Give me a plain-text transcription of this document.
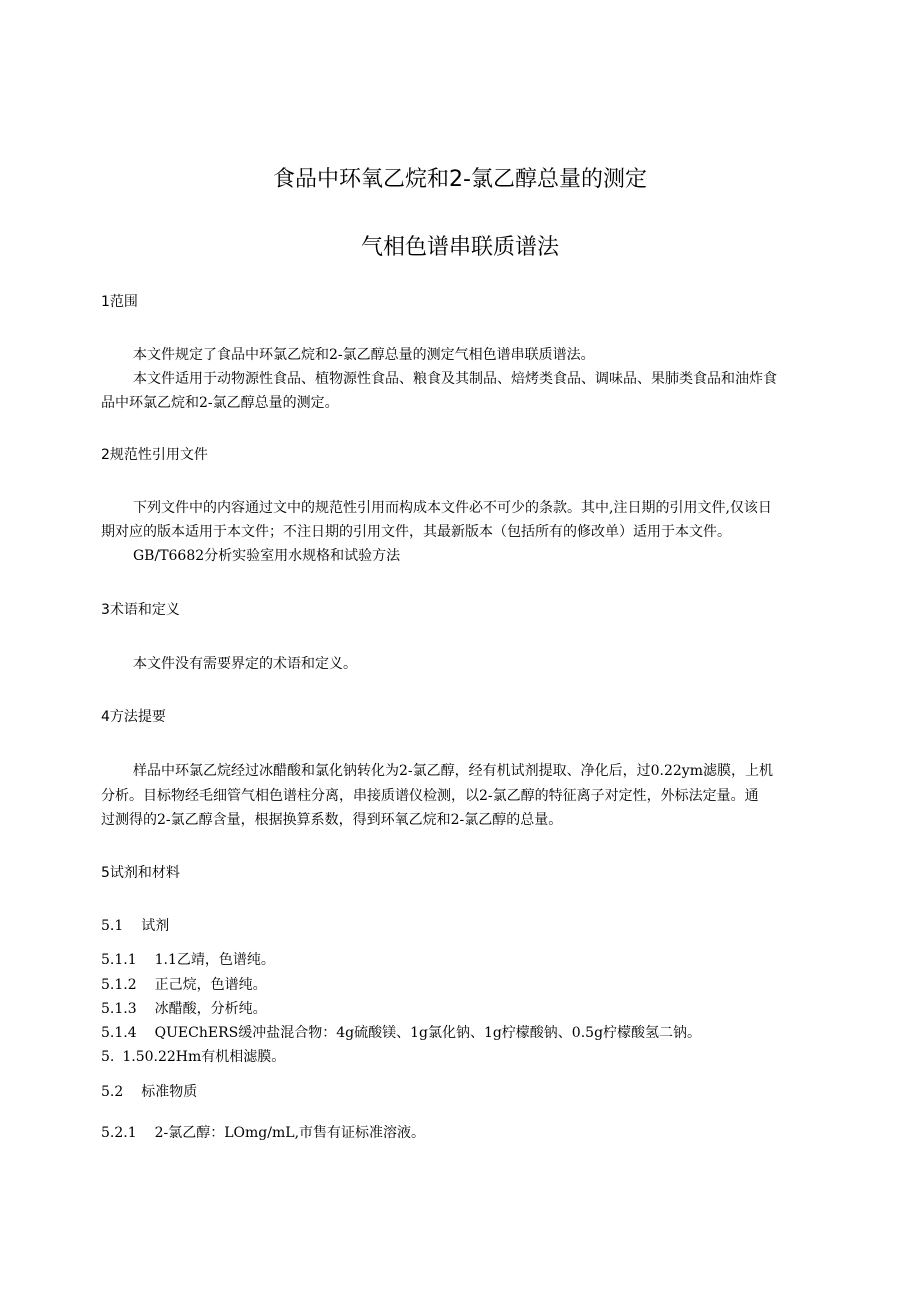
食品中环氧乙烷和2-氯乙醇总量的测定
气相色谱串联质谱法
1范围
本文件规定了食品中环氯乙烷和2-氯乙醇总量的测定气相色谱串联质谱法。
本文件适用于动物源性食品、植物源性食品、粮食及其制品、焙烤类食品、调味品、果肺类食品和油炸食
品中环氯乙烷和2-氯乙醇总量的测定。
2规范性引用文件
下列文件中的内容通过文中的规范性引用而构成本文件必不可少的条款。其中,注日期的引用文件,仅该日
期对应的版本适用于本文件；不注日期的引用文件，其最新版本（包括所有的修改单）适用于本文件。
GB/T6682分析实验室用水规格和试验方法
3术语和定义
本文件没有需要界定的术语和定义。
4方法提要
样品中环氯乙烷经过冰醋酸和氯化钠转化为2-氯乙醇，经有机试剂提取、净化后，过0.22ym滤膜，上机
分析。目标物经毛细管气相色谱柱分离，串接质谱仪检测，以2-氯乙醇的特征离子对定性，外标法定量。通
过测得的2-氯乙醇含量，根据换算系数，得到环氧乙烷和2-氯乙醇的总量。
5试剂和材料
5.1 试剂
5.1.1 1.1乙靖，色谱纯。
5.1.2 正己烷，色谱纯。
5.1.3 冰醋酸，分析纯。
5.1.4 QUEChERS缓冲盐混合物：4g硫酸镁、1g氯化钠、1g柠檬酸钠、0.5g柠檬酸氢二钠。
5. 1.50.22Hm有机相滤膜。
5.2 标准物质
5.2.1 2-氯乙醇：LOmg/mL,市售有证标准溶液。
